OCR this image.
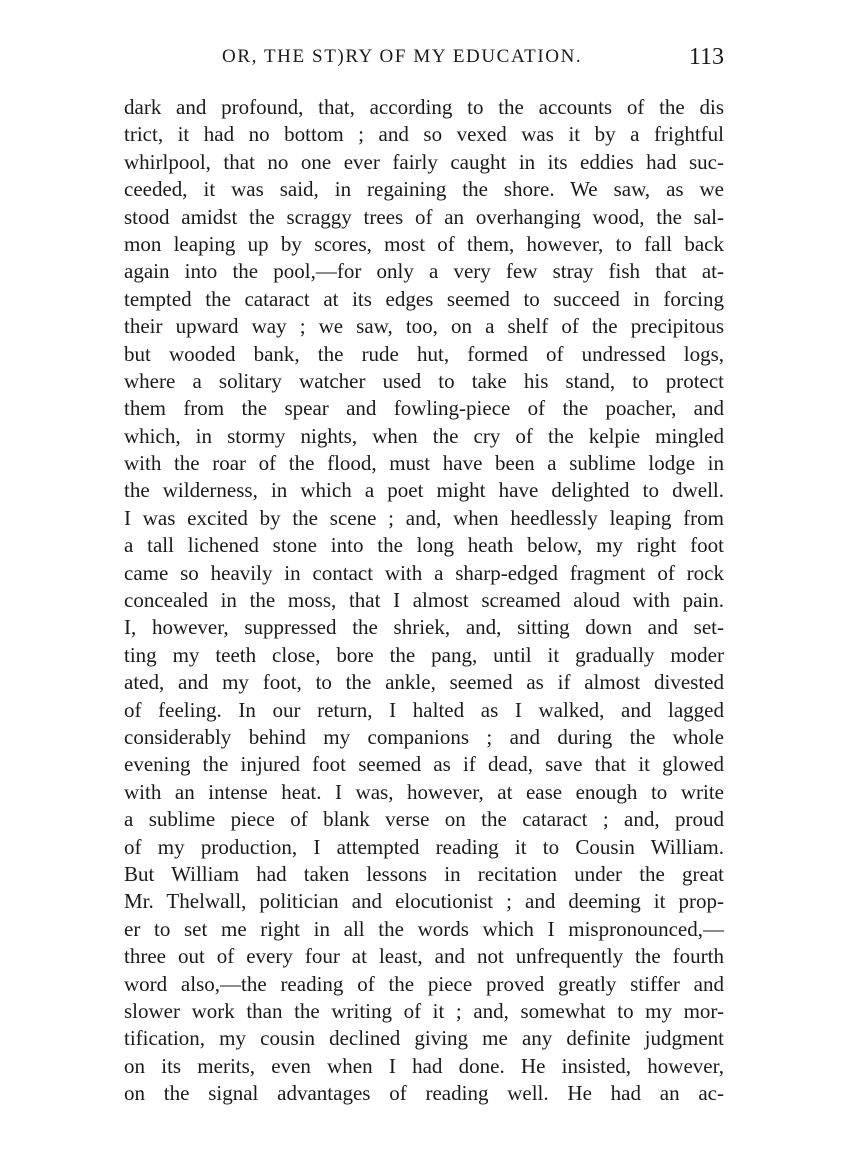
OR, THE ST)RY OF MY EDUCATION.	113
dark and profound, that, according to the accounts of the dis
trict, it had no bottom ; and so vexed was it by a frightful
whirlpool, that no one ever fairly caught in its eddies had suc-
ceeded, it was said, in regaining the shore. We saw, as we
stood amidst the scraggy trees of an overhanging wood, the sal-
mon leaping up by scores, most of them, however, to fall back
again into the pool,—for only a very few stray fish that at-
tempted the cataract at its edges seemed to succeed in forcing
their upward way ; we saw, too, on a shelf of the precipitous
but wooded bank, the rude hut, formed of undressed logs,
where a solitary watcher used to take his stand, to protect
them from the spear and fowling-piece of the poacher, and
which, in stormy nights, when the cry of the kelpie mingled
with the roar of the flood, must have been a sublime lodge in
the wilderness, in which a poet might have delighted to dwell.
I was excited by the scene ; and, when heedlessly leaping from
a tall lichened stone into the long heath below, my right foot
came so heavily in contact with a sharp-edged fragment of rock
concealed in the moss, that I almost screamed aloud with pain.
I, however, suppressed the shriek, and, sitting down and set-
ting my teeth close, bore the pang, until it gradually moder
ated, and my foot, to the ankle, seemed as if almost divested
of feeling. In our return, I halted as I walked, and lagged
considerably behind my companions ; and during the whole
evening the injured foot seemed as if dead, save that it glowed
with an intense heat. I was, however, at ease enough to write
a sublime piece of blank verse on the cataract ; and, proud
of my production, I attempted reading it to Cousin William.
But William had taken lessons in recitation under the great
Mr. Thelwall, politician and elocutionist ; and deeming it prop-
er to set me right in all the words which I mispronounced,—
three out of every four at least, and not unfrequently the fourth
word also,—the reading of the piece proved greatly stiffer and
slower work than the writing of it ; and, somewhat to my mor-
tification, my cousin declined giving me any definite judgment
on its merits, even when I had done. He insisted, however,
on the signal advantages of reading well. He had an ac-
